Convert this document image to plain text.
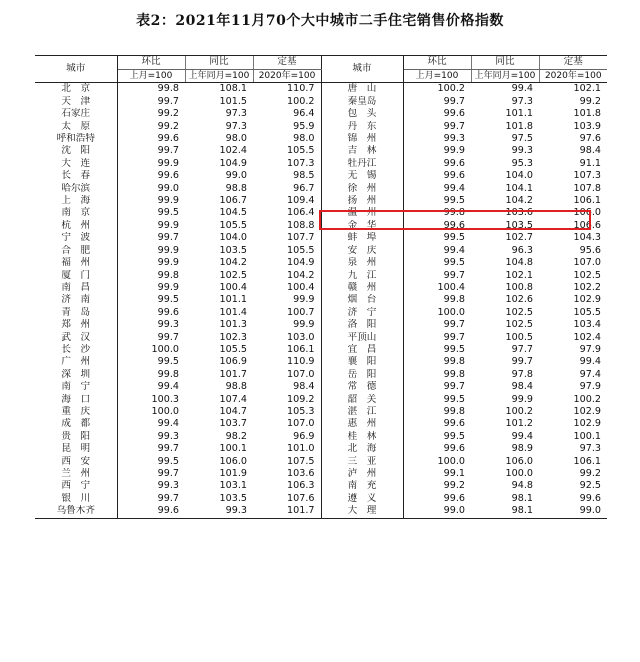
表2：2021年11月70个大中城市二手住宅销售价格指数
城市	环比	同比	定基	城市	环比	同比	定基
	上月=100	上年同月=100	2020年=100		上月=100	上年同月=100	2020年=100
北　京	99.8	108.1	110.7	唐　山	100.2	99.4	102.1
天　津	99.7	101.5	100.2	秦皇岛	99.7	97.3	99.2
石家庄	99.2	97.3	96.4	包　头	99.6	101.1	101.8
太　原	99.2	97.3	95.9	丹　东	99.7	101.8	103.9
呼和浩特	99.6	98.0	98.0	锦　州	99.3	97.5	97.6
沈　阳	99.7	102.4	105.5	吉　林	99.9	99.3	98.4
大　连	99.9	104.9	107.3	牡丹江	99.6	95.3	91.1
长　春	99.6	99.0	98.5	无　锡	99.6	104.0	107.3
哈尔滨	99.0	98.8	96.7	徐　州	99.4	104.1	107.8
上　海	99.9	106.7	109.4	扬　州	99.5	104.2	106.1
南　京	99.5	104.5	106.4	温　州	99.8	103.6	106.0
杭　州	99.9	105.5	108.8	金　华	99.6	103.5	106.6
宁　波	99.7	104.0	107.7	蚌　埠	99.5	102.7	104.3
合　肥	99.9	103.5	105.5	安　庆	99.4	96.3	95.6
福　州	99.9	104.2	104.9	泉　州	99.5	104.8	107.0
厦　门	99.8	102.5	104.2	九　江	99.7	102.1	102.5
南　昌	99.9	100.4	100.4	赣　州	100.4	100.8	102.2
济　南	99.5	101.1	99.9	烟　台	99.8	102.6	102.9
青　岛	99.6	101.4	100.7	济　宁	100.0	102.5	105.5
郑　州	99.3	101.3	99.9	洛　阳	99.7	102.5	103.4
武　汉	99.7	102.3	103.0	平顶山	99.7	100.5	102.4
长　沙	100.0	105.5	106.1	宜　昌	99.5	97.7	97.9
广　州	99.5	106.9	110.9	襄　阳	99.8	99.7	99.4
深　圳	99.8	101.7	107.0	岳　阳	99.8	97.8	97.4
南　宁	99.4	98.8	98.4	常　德	99.7	98.4	97.9
海　口	100.3	107.4	109.2	韶　关	99.5	99.9	100.2
重　庆	100.0	104.7	105.3	湛　江	99.8	100.2	102.9
成　都	99.4	103.7	107.0	惠　州	99.6	101.2	102.9
贵　阳	99.3	98.2	96.9	桂　林	99.5	99.4	100.1
昆　明	99.7	100.1	101.0	北　海	99.6	98.9	97.3
西　安	99.5	106.0	107.5	三　亚	100.0	106.0	106.1
兰　州	99.7	101.9	103.6	泸　州	99.1	100.0	99.2
西　宁	99.3	103.1	106.3	南　充	99.2	94.8	92.5
银　川	99.7	103.5	107.6	遵　义	99.6	98.1	99.6
乌鲁木齐	99.6	99.3	101.7	大　理	99.0	98.1	99.0
